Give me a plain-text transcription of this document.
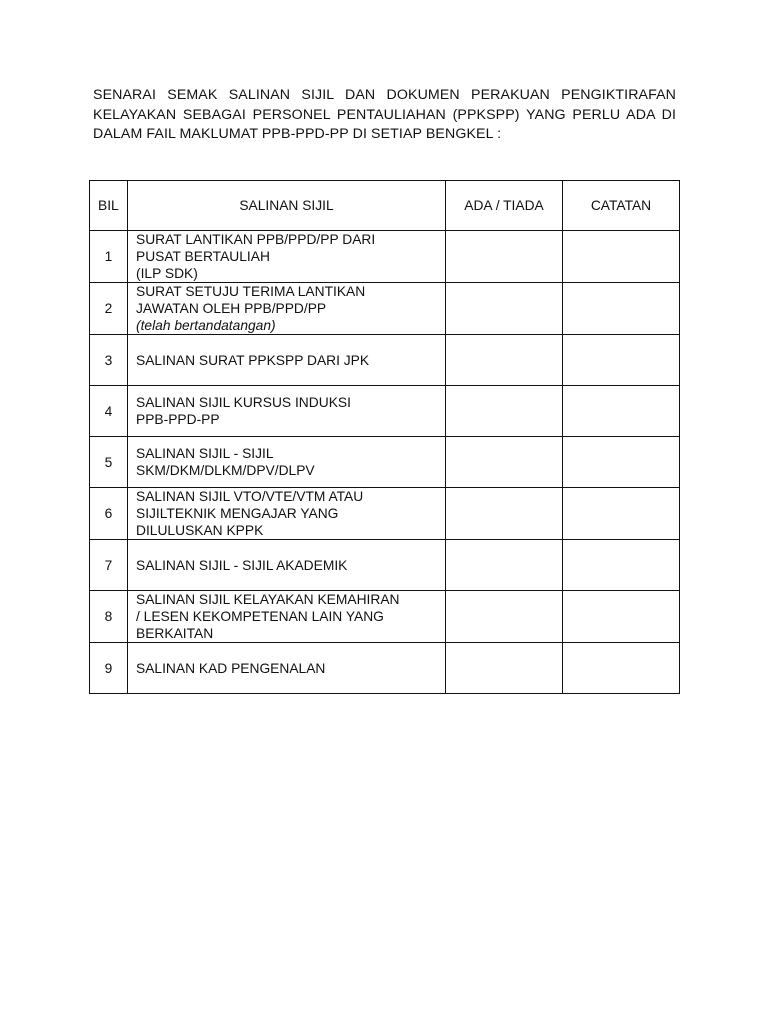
SENARAI SEMAK SALINAN SIJIL DAN DOKUMEN PERAKUAN PENGIKTIRAFAN KELAYAKAN SEBAGAI PERSONEL PENTAULIAHAN (PPKSPP) YANG PERLU ADA DI DALAM FAIL MAKLUMAT PPB-PPD-PP DI SETIAP BENGKEL :

BIL	SALINAN SIJIL	ADA / TIADA	CATATAN
1	SURAT LANTIKAN PPB/PPD/PP DARI
PUSAT BERTAULIAH
(ILP SDK)		

2	SURAT SETUJU TERIMA LANTIKAN
JAWATAN OLEH PPB/PPD/PP
(telah bertandatangan)		

3	SALINAN SURAT PPKSPP DARI JPK		

4	SALINAN SIJIL KURSUS INDUKSI
PPB-PPD-PP		

5	SALINAN SIJIL - SIJIL
SKM/DKM/DLKM/DPV/DLPV		

6	SALINAN SIJIL VTO/VTE/VTM ATAU
SIJILTEKNIK MENGAJAR YANG
DILULUSKAN KPPK		

7	SALINAN SIJIL - SIJIL AKADEMIK		

8	SALINAN SIJIL KELAYAKAN KEMAHIRAN
/ LESEN KEKOMPETENAN LAIN YANG
BERKAITAN		

9	SALINAN KAD PENGENALAN		
